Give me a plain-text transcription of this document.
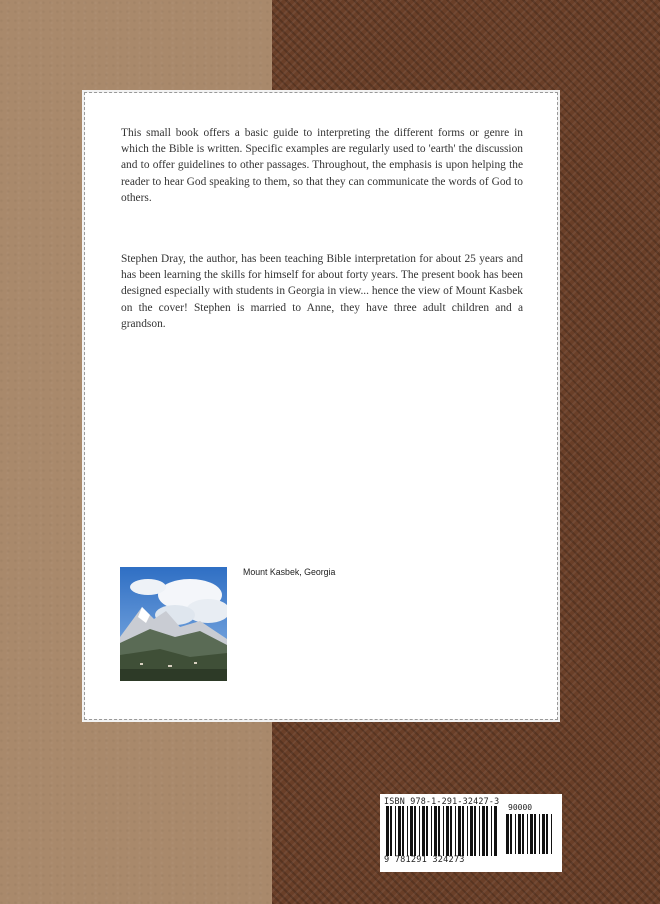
This small book offers a basic guide to interpreting the different forms or genre in which the Bible is written. Specific examples are regularly used to 'earth' the discussion and to offer guidelines to other passages. Throughout, the emphasis is upon helping the reader to hear God speaking to them, so that they can communicate the words of God to others.

Stephen Dray, the author, has been teaching Bible interpretation for about 25 years and has been learning the skills for himself for about forty years. The present book has been designed especially with students in Georgia in view... hence the view of Mount Kasbek on the cover! Stephen is married to Anne, they have three adult children and a grandson.

Mount Kasbek, Georgia
ISBN 978-1-291-32427-3
90000
9 781291 324273
